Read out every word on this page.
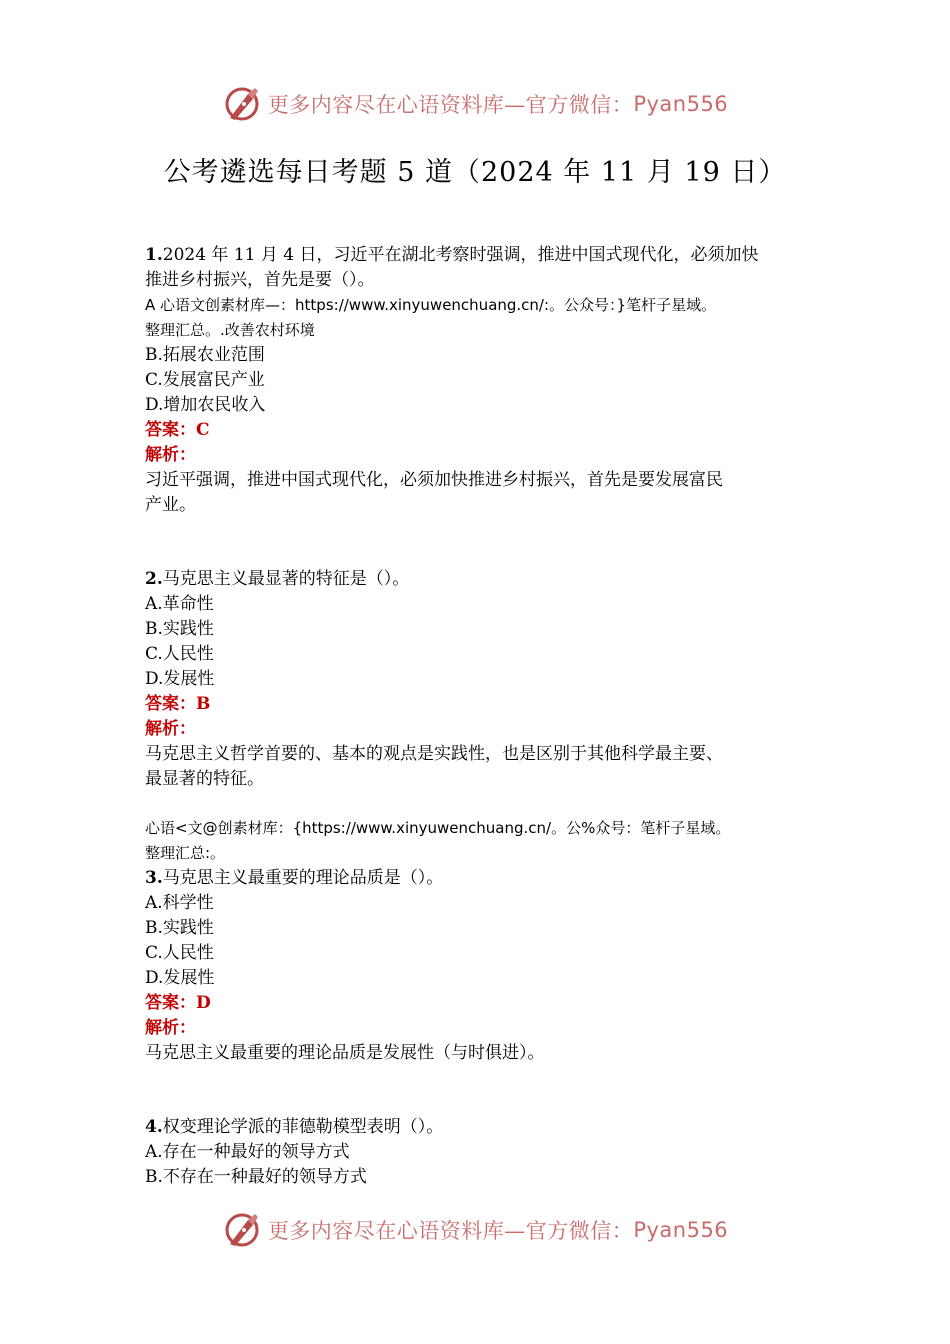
更多内容尽在心语资料库—官方微信： Pyan556
公考遴选每日考题 5 道（2024 年 11 月 19 日）
1.2024 年 11 月 4 日，习近平在湖北考察时强调，推进中国式现代化，必须加快
推进乡村振兴，首先是要（）。
A 心语文创素材库—：https://www.xinyuwenchuang.cn/:。公众号：}笔杆子星域。
整理汇总。.改善农村环境
B.拓展农业范围
C.发展富民产业
D.增加农民收入
答案：C
解析：
习近平强调，推进中国式现代化，必须加快推进乡村振兴，首先是要发展富民
产业。
2.马克思主义最显著的特征是（）。
A.革命性
B.实践性
C.人民性
D.发展性
答案：B
解析：
马克思主义哲学首要的、基本的观点是实践性，也是区别于其他科学最主要、
最显著的特征。
心语<文@创素材库：{https://www.xinyuwenchuang.cn/。公%众号：笔杆子星域。
整理汇总:。
3.马克思主义最重要的理论品质是（）。
A.科学性
B.实践性
C.人民性
D.发展性
答案：D
解析：
马克思主义最重要的理论品质是发展性（与时俱进）。
4.权变理论学派的菲德勒模型表明（）。
A.存在一种最好的领导方式
B.不存在一种最好的领导方式
更多内容尽在心语资料库—官方微信： Pyan556
